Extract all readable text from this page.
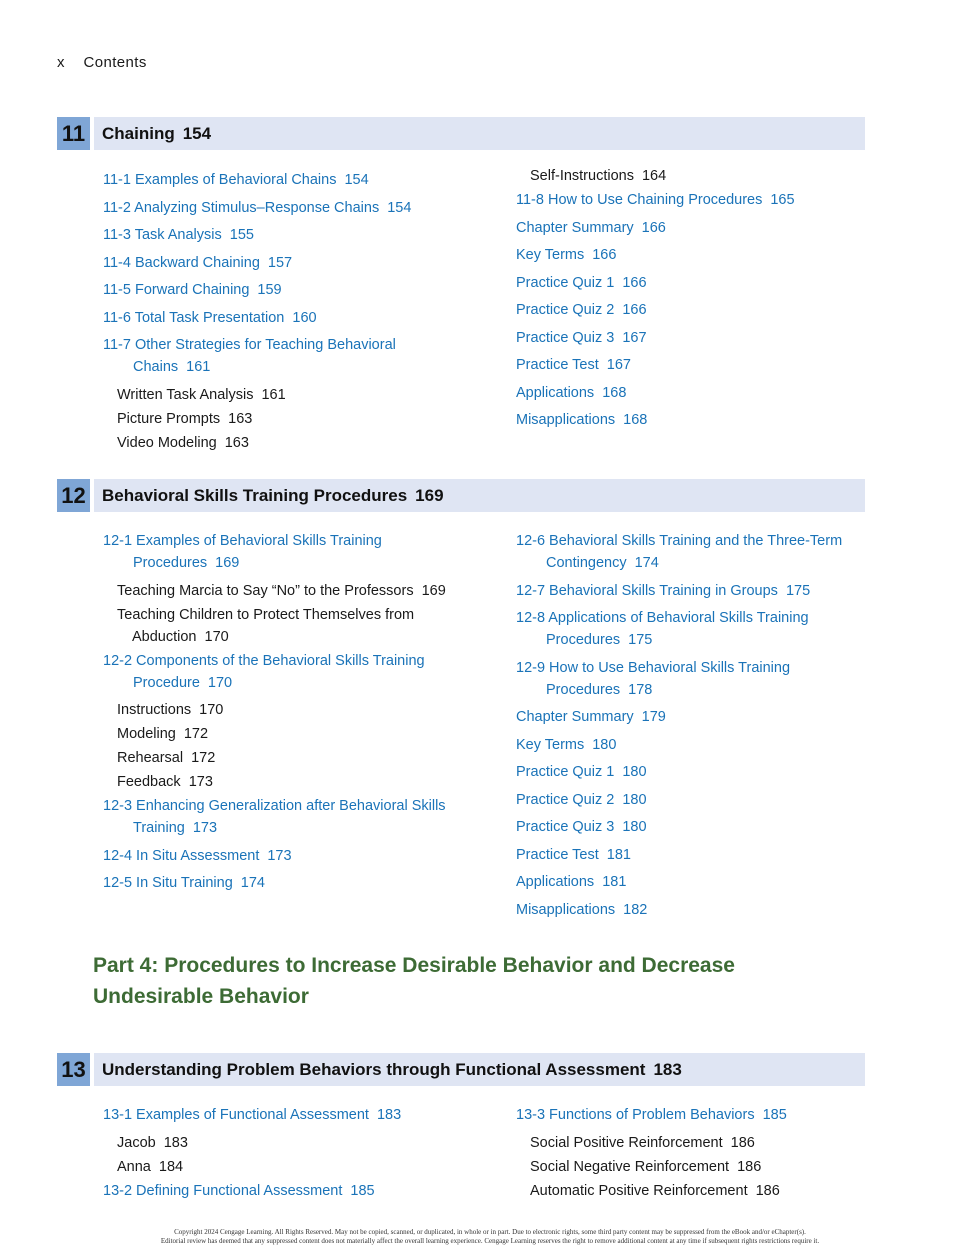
x Contents
11 Chaining 154
11-1 Examples of Behavioral Chains 154
11-2 Analyzing Stimulus–Response Chains 154
11-3 Task Analysis 155
11-4 Backward Chaining 157
11-5 Forward Chaining 159
11-6 Total Task Presentation 160
11-7 Other Strategies for Teaching Behavioral
Chains 161
Written Task Analysis 161
Picture Prompts 163
Video Modeling 163
Self-Instructions 164
11-8 How to Use Chaining Procedures 165
Chapter Summary 166
Key Terms 166
Practice Quiz 1 166
Practice Quiz 2 166
Practice Quiz 3 167
Practice Test 167
Applications 168
Misapplications 168
12 Behavioral Skills Training Procedures 169
12-1 Examples of Behavioral Skills Training
Procedures 169
Teaching Marcia to Say “No” to the Professors 169
Teaching Children to Protect Themselves from
Abduction 170
12-2 Components of the Behavioral Skills Training
Procedure 170
Instructions 170
Modeling 172
Rehearsal 172
Feedback 173
12-3 Enhancing Generalization after Behavioral Skills
Training 173
12-4 In Situ Assessment 173
12-5 In Situ Training 174
12-6 Behavioral Skills Training and the Three-Term
Contingency 174
12-7 Behavioral Skills Training in Groups 175
12-8 Applications of Behavioral Skills Training
Procedures 175
12-9 How to Use Behavioral Skills Training
Procedures 178
Chapter Summary 179
Key Terms 180
Practice Quiz 1 180
Practice Quiz 2 180
Practice Quiz 3 180
Practice Test 181
Applications 181
Misapplications 182
Part 4: Procedures to Increase Desirable Behavior and Decrease
Undesirable Behavior
13 Understanding Problem Behaviors through Functional Assessment 183
13-1 Examples of Functional Assessment 183
Jacob 183
Anna 184
13-2 Defining Functional Assessment 185
13-3 Functions of Problem Behaviors 185
Social Positive Reinforcement 186
Social Negative Reinforcement 186
Automatic Positive Reinforcement 186
Copyright 2024 Cengage Learning. All Rights Reserved. May not be copied, scanned, or duplicated, in whole or in part. Due to electronic rights, some third party content may be suppressed from the eBook and/or eChapter(s).
Editorial review has deemed that any suppressed content does not materially affect the overall learning experience. Cengage Learning reserves the right to remove additional content at any time if subsequent rights restrictions require it.
